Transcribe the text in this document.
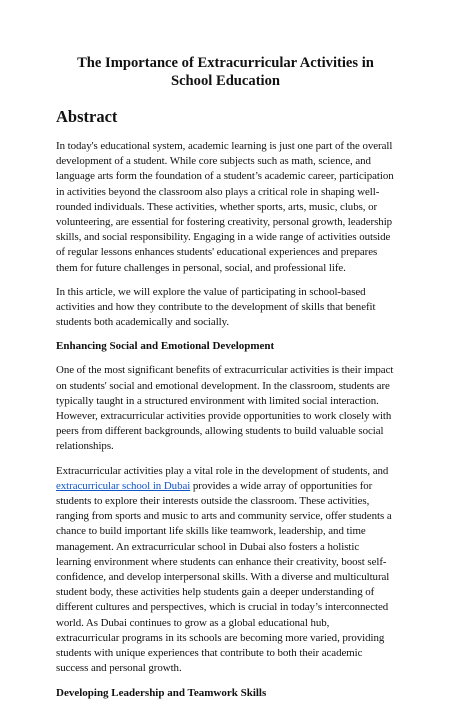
The Importance of Extracurricular Activities in School Education
Abstract

In today's educational system, academic learning is just one part of the overall development of a student. While core subjects such as math, science, and language arts form the foundation of a student’s academic career, participation in activities beyond the classroom also plays a critical role in shaping well-rounded individuals. These activities, whether sports, arts, music, clubs, or volunteering, are essential for fostering creativity, personal growth, leadership skills, and social responsibility. Engaging in a wide range of activities outside of regular lessons enhances students' educational experiences and prepares them for future challenges in personal, social, and professional life.

In this article, we will explore the value of participating in school-based activities and how they contribute to the development of skills that benefit students both academically and socially.

Enhancing Social and Emotional Development

One of the most significant benefits of extracurricular activities is their impact on students' social and emotional development. In the classroom, students are typically taught in a structured environment with limited social interaction. However, extracurricular activities provide opportunities to work closely with peers from different backgrounds, allowing students to build valuable social relationships.

Extracurricular activities play a vital role in the development of students, and extracurricular school in Dubai provides a wide array of opportunities for students to explore their interests outside the classroom. These activities, ranging from sports and music to arts and community service, offer students a chance to build important life skills like teamwork, leadership, and time management. An extracurricular school in Dubai also fosters a holistic learning environment where students can enhance their creativity, boost self-confidence, and develop interpersonal skills. With a diverse and multicultural student body, these activities help students gain a deeper understanding of different cultures and perspectives, which is crucial in today’s interconnected world. As Dubai continues to grow as a global educational hub, extracurricular programs in its schools are becoming more varied, providing students with unique experiences that contribute to both their academic success and personal growth.

Developing Leadership and Teamwork Skills
